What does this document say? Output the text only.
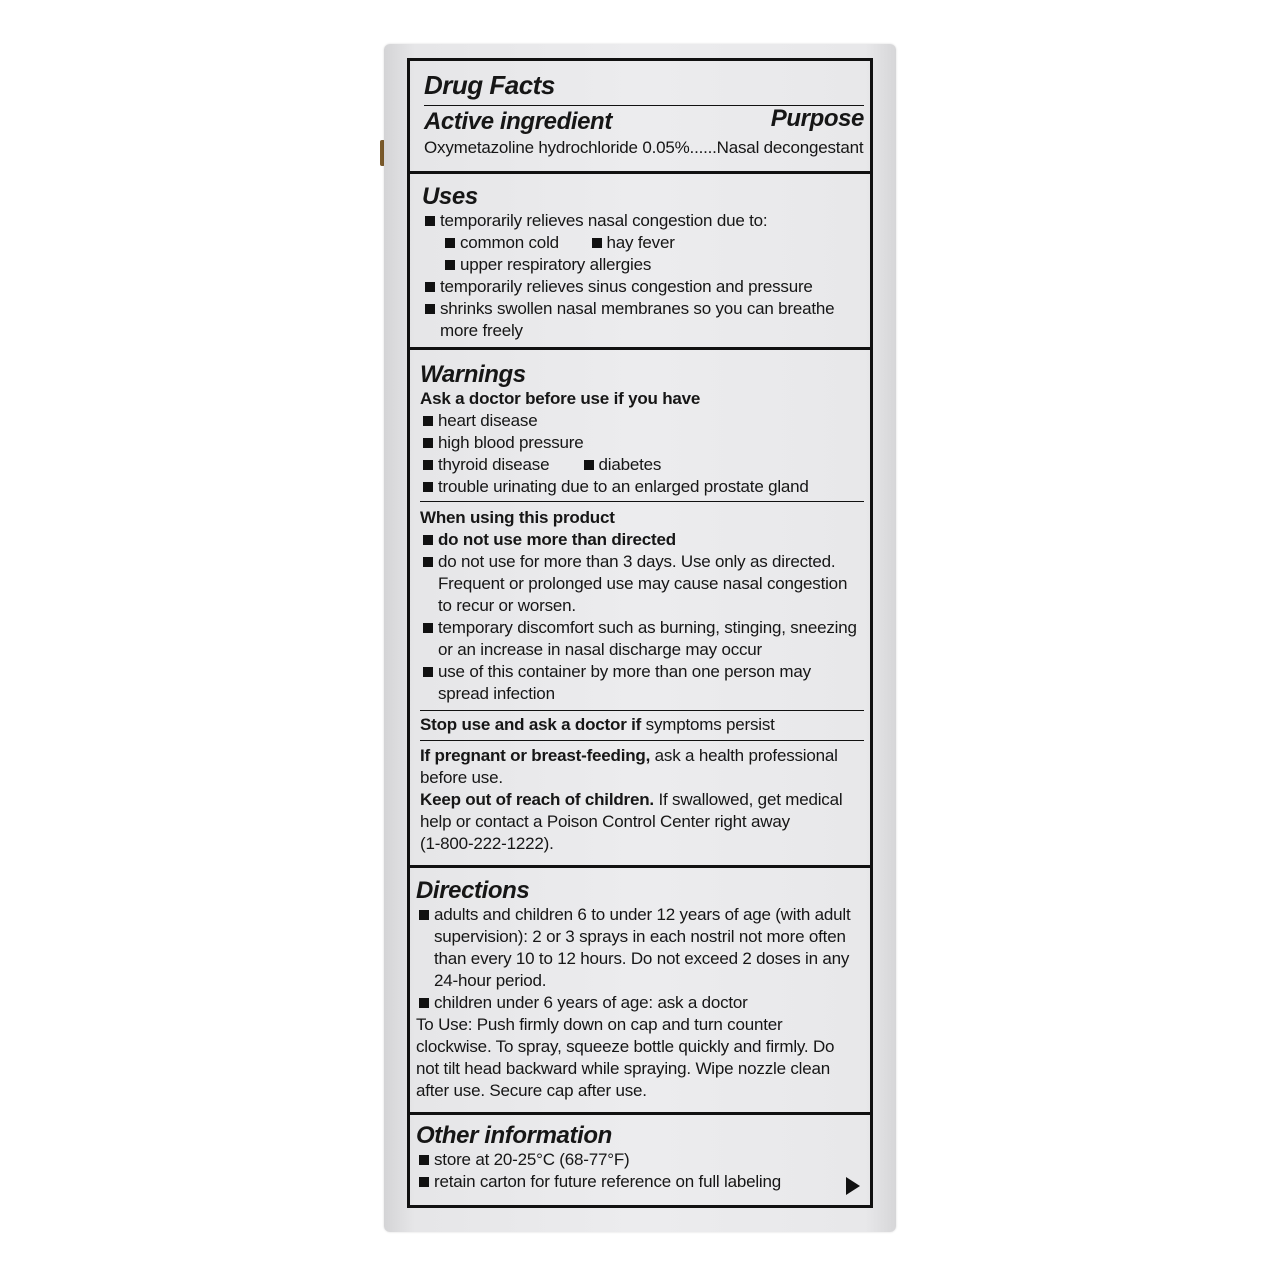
Drug Facts
Active ingredient	Purpose
Oxymetazoline hydrochloride 0.05%......Nasal decongestant
Uses
temporarily relieves nasal congestion due to:
common cold	hay fever
upper respiratory allergies
temporarily relieves sinus congestion and pressure
shrinks swollen nasal membranes so you can breathe
more freely
Warnings
Ask a doctor before use if you have
heart disease
high blood pressure
thyroid disease	diabetes
trouble urinating due to an enlarged prostate gland
When using this product
do not use more than directed
do not use for more than 3 days. Use only as directed.
Frequent or prolonged use may cause nasal congestion
to recur or worsen.
temporary discomfort such as burning, stinging, sneezing
or an increase in nasal discharge may occur
use of this container by more than one person may
spread infection
Stop use and ask a doctor if symptoms persist
If pregnant or breast-feeding, ask a health professional
before use.
Keep out of reach of children. If swallowed, get medical
help or contact a Poison Control Center right away
(1-800-222-1222).
Directions
adults and children 6 to under 12 years of age (with adult
supervision): 2 or 3 sprays in each nostril not more often
than every 10 to 12 hours. Do not exceed 2 doses in any
24-hour period.
children under 6 years of age: ask a doctor
To Use: Push firmly down on cap and turn counter
clockwise. To spray, squeeze bottle quickly and firmly. Do
not tilt head backward while spraying. Wipe nozzle clean
after use. Secure cap after use.
Other information
store at 20-25°C (68-77°F)
retain carton for future reference on full labeling
